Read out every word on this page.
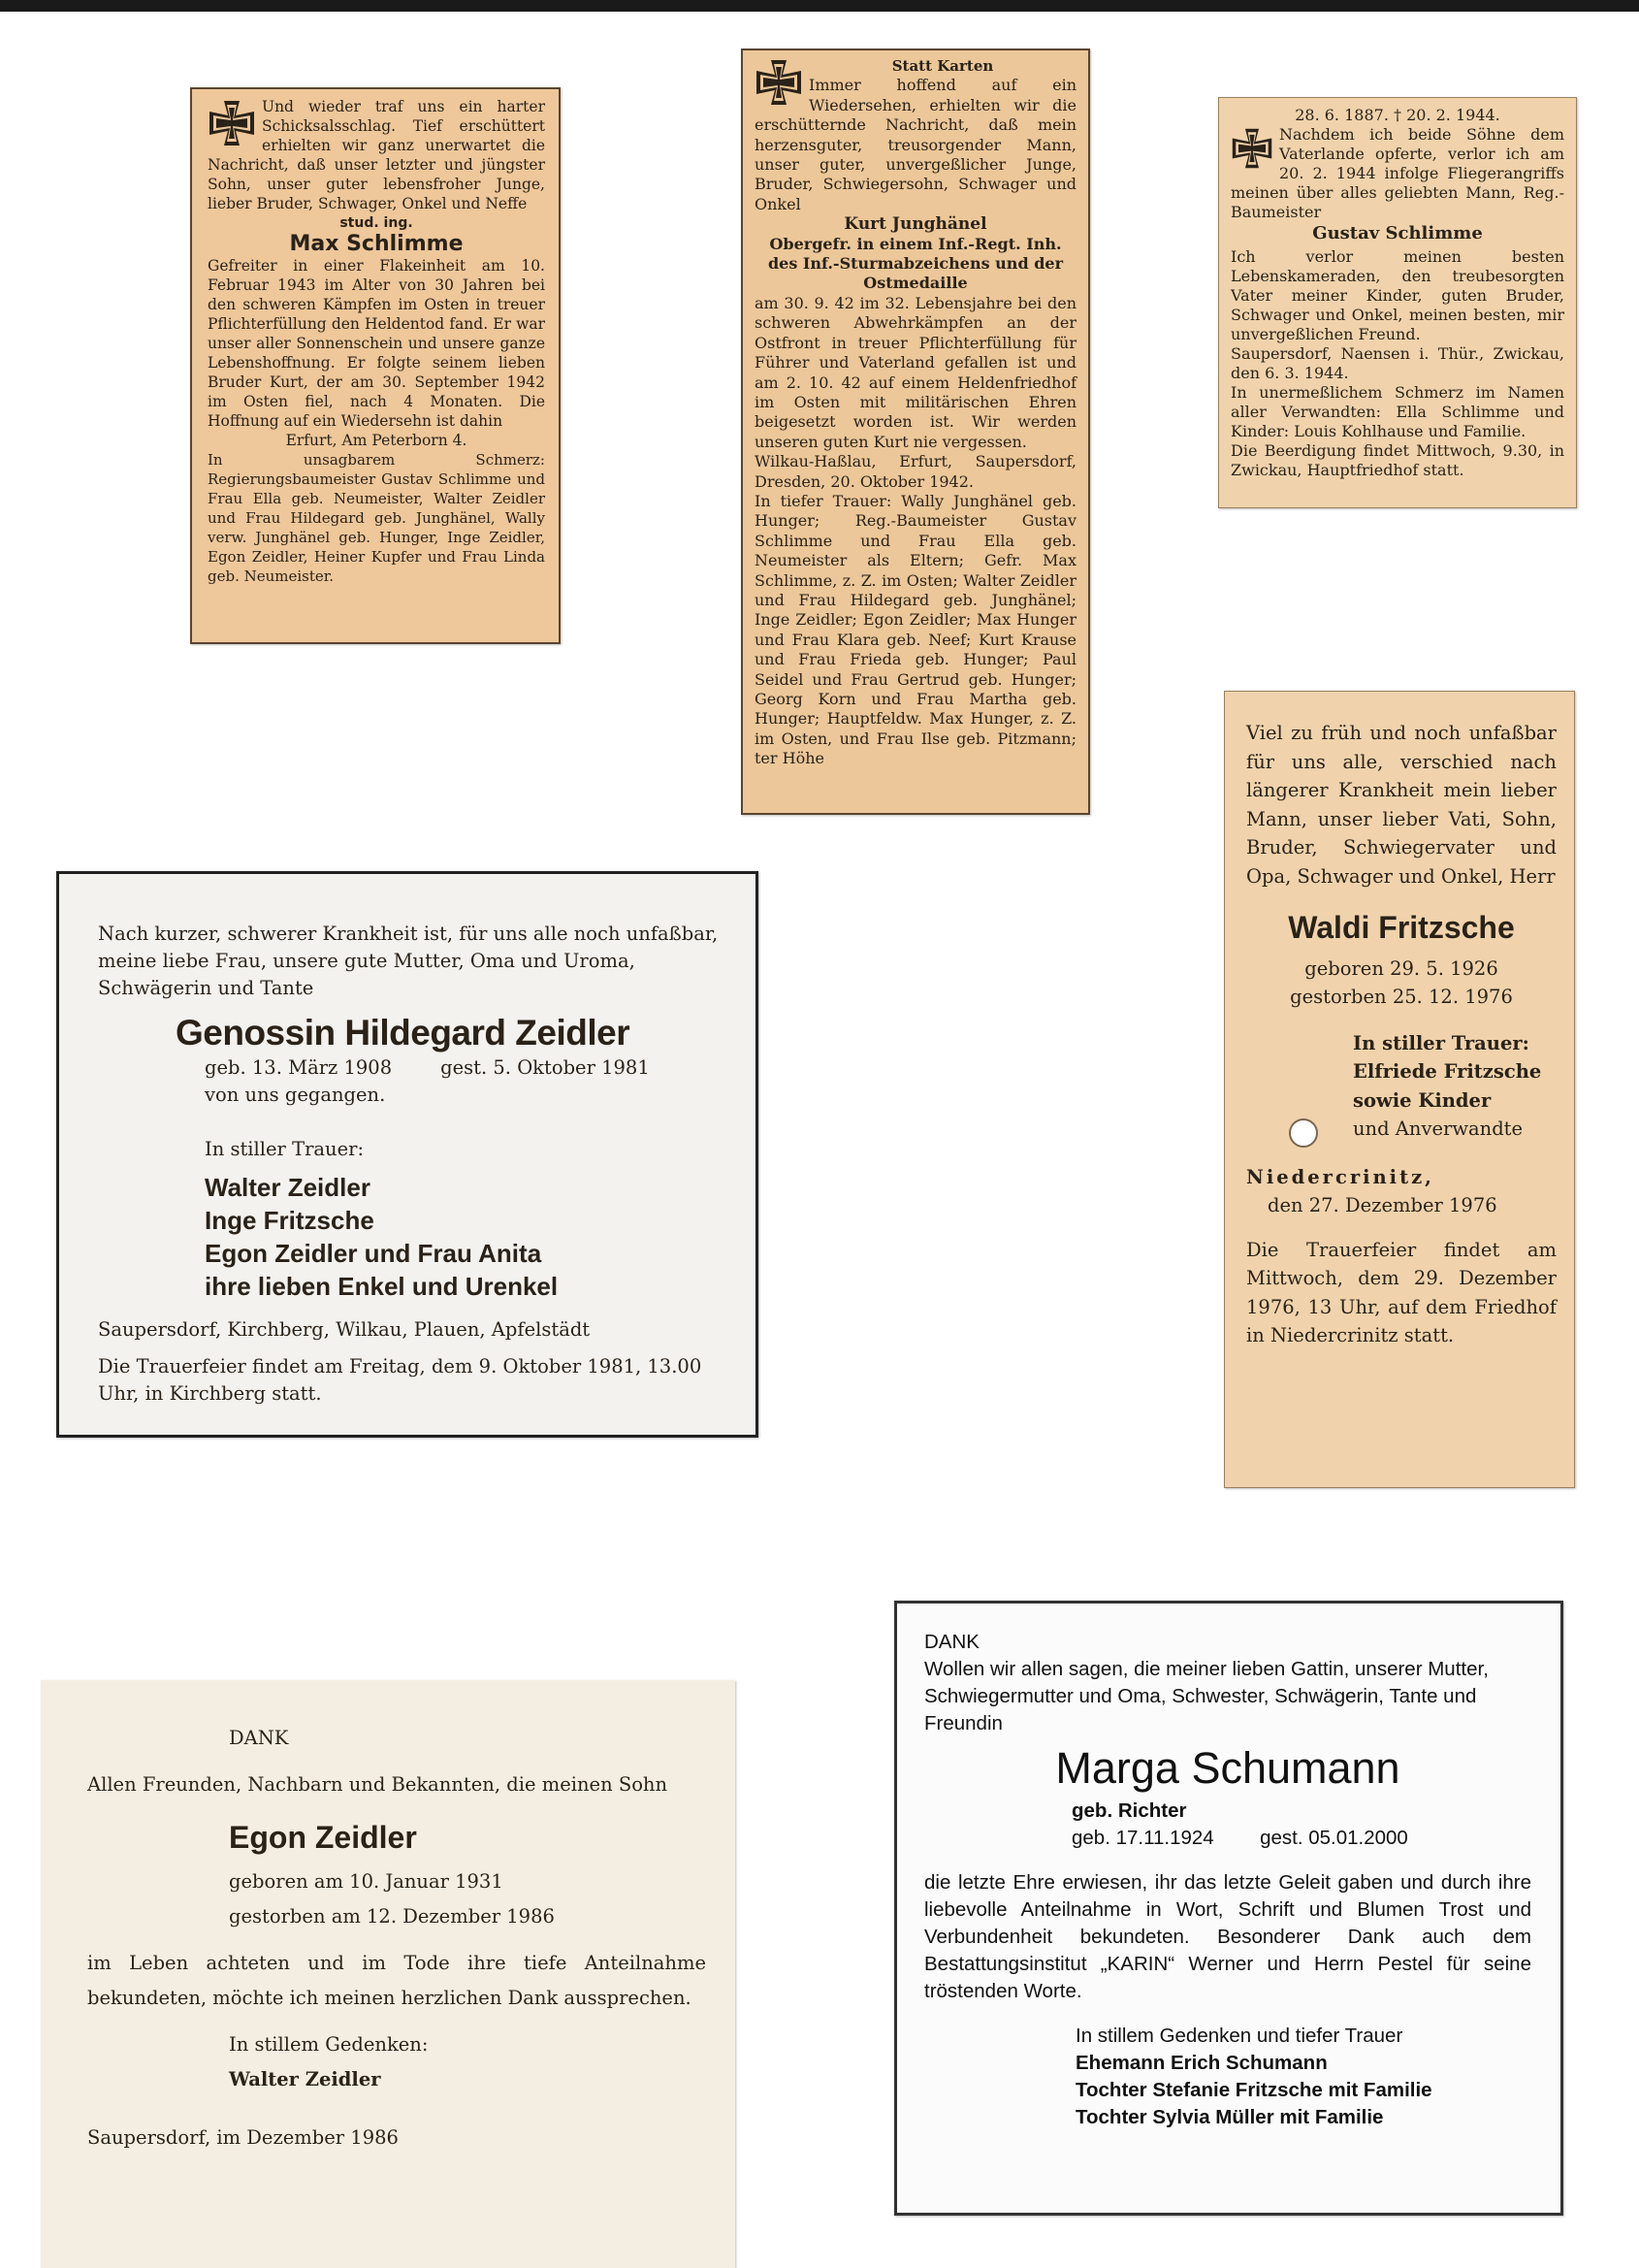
Und wieder traf uns ein harter Schicksalsschlag. Tief erschüttert erhielten wir ganz unerwartet die Nachricht, daß unser letzter und jüngster Sohn, unser guter lebensfroher Junge, lieber Bruder, Schwager, Onkel und Neffe

stud. ing.

Max Schlimme

Gefreiter in einer Flakeinheit am 10. Februar 1943 im Alter von 30 Jahren bei den schweren Kämpfen im Osten in treuer Pflichterfüllung den Heldentod fand. Er war unser aller Sonnenschein und unsere ganze Lebenshoffnung. Er folgte seinem lieben Bruder Kurt, der am 30. September 1942 im Osten fiel, nach 4 Monaten. Die Hoffnung auf ein Wiedersehn ist dahin

Erfurt, Am Peterborn 4.

In unsagbarem Schmerz: Regierungsbaumeister Gustav Schlimme und Frau Ella geb. Neumeister, Walter Zeidler und Frau Hildegard geb. Junghänel, Wally verw. Junghänel geb. Hunger, Inge Zeidler, Egon Zeidler, Heiner Kupfer und Frau Linda geb. Neumeister.

Statt Karten

Immer hoffend auf ein Wiedersehen, erhielten wir die erschütternde Nachricht, daß mein herzensguter, treusorgender Mann, unser guter, unvergeßlicher Junge, Bruder, Schwiegersohn, Schwager und Onkel

Kurt Junghänel

Obergefr. in einem Inf.-Regt. Inh. des Inf.-Sturmabzeichens und der Ostmedaille

am 30. 9. 42 im 32. Lebensjahre bei den schweren Abwehrkämpfen an der Ostfront in treuer Pflichterfüllung für Führer und Vaterland gefallen ist und am 2. 10. 42 auf einem Heldenfriedhof im Osten mit militärischen Ehren beigesetzt worden ist. Wir werden unseren guten Kurt nie vergessen.

Wilkau-Haßlau, Erfurt, Saupersdorf, Dresden, 20. Oktober 1942.

In tiefer Trauer: Wally Junghänel geb. Hunger; Reg.-Baumeister Gustav Schlimme und Frau Ella geb. Neumeister als Eltern; Gefr. Max Schlimme, z. Z. im Osten; Walter Zeidler und Frau Hildegard geb. Junghänel; Inge Zeidler; Egon Zeidler; Max Hunger und Frau Klara geb. Neef; Kurt Krause und Frau Frieda geb. Hunger; Paul Seidel und Frau Gertrud geb. Hunger; Georg Korn und Frau Martha geb. Hunger; Hauptfeldw. Max Hunger, z. Z. im Osten, und Frau Ilse geb. Pitzmann; ter Höhe

28. 6. 1887. † 20. 2. 1944.

Nachdem ich beide Söhne dem Vaterlande opferte, verlor ich am 20. 2. 1944 infolge Fliegerangriffs meinen über alles geliebten Mann, Reg.-Baumeister

Gustav Schlimme

Ich verlor meinen besten Lebenskameraden, den treubesorgten Vater meiner Kinder, guten Bruder, Schwager und Onkel, meinen besten, mir unvergeßlichen Freund.

Saupersdorf, Naensen i. Thür., Zwickau, den 6. 3. 1944.

In unermeßlichem Schmerz im Namen aller Verwandten: Ella Schlimme und Kinder: Louis Kohlhause und Familie.

Die Beerdigung findet Mittwoch, 9.30, in Zwickau, Hauptfriedhof statt.

Nach kurzer, schwerer Krankheit ist, für uns alle noch unfaßbar, meine liebe Frau, unsere gute Mutter, Oma und Uroma, Schwägerin und Tante

Genossin Hildegard Zeidler

geb. 13. März 1908	gest. 5. Oktober 1981

von uns gegangen.

In stiller Trauer:

Walter Zeidler

Inge Fritzsche

Egon Zeidler und Frau Anita

ihre lieben Enkel und Urenkel

Saupersdorf, Kirchberg, Wilkau, Plauen, Apfelstädt

Die Trauerfeier findet am Freitag, dem 9. Oktober 1981, 13.00 Uhr, in Kirchberg statt.

Viel zu früh und noch unfaßbar für uns alle, verschied nach längerer Krankheit mein lieber Mann, unser lieber Vati, Sohn, Bruder, Schwiegervater und Opa, Schwager und Onkel, Herr

Waldi Fritzsche

geboren 29. 5. 1926

gestorben 25. 12. 1976

In stiller Trauer:

Elfriede Fritzsche

sowie Kinder

und Anverwandte

Niedercrinitz,

den 27. Dezember 1976

Die Trauerfeier findet am Mittwoch, dem 29. Dezember 1976, 13 Uhr, auf dem Friedhof in Niedercrinitz statt.

DANK

Allen Freunden, Nachbarn und Bekannten, die meinen Sohn

Egon Zeidler

geboren am 10. Januar 1931

gestorben am 12. Dezember 1986

im Leben achteten und im Tode ihre tiefe Anteilnahme bekundeten, möchte ich meinen herzlichen Dank aussprechen.

In stillem Gedenken:

Walter Zeidler

Saupersdorf, im Dezember 1986

DANK

Wollen wir allen sagen, die meiner lieben Gattin, unserer Mutter, Schwiegermutter und Oma, Schwester, Schwägerin, Tante und Freundin

Marga Schumann

geb. Richter

geb. 17.11.1924 gest. 05.01.2000

die letzte Ehre erwiesen, ihr das letzte Geleit gaben und durch ihre liebevolle Anteilnahme in Wort, Schrift und Blumen Trost und Verbundenheit bekundeten. Besonderer Dank auch dem Bestattungsinstitut „KARIN“ Werner und Herrn Pestel für seine tröstenden Worte.

In stillem Gedenken und tiefer Trauer

Ehemann Erich Schumann

Tochter Stefanie Fritzsche mit Familie

Tochter Sylvia Müller mit Familie
